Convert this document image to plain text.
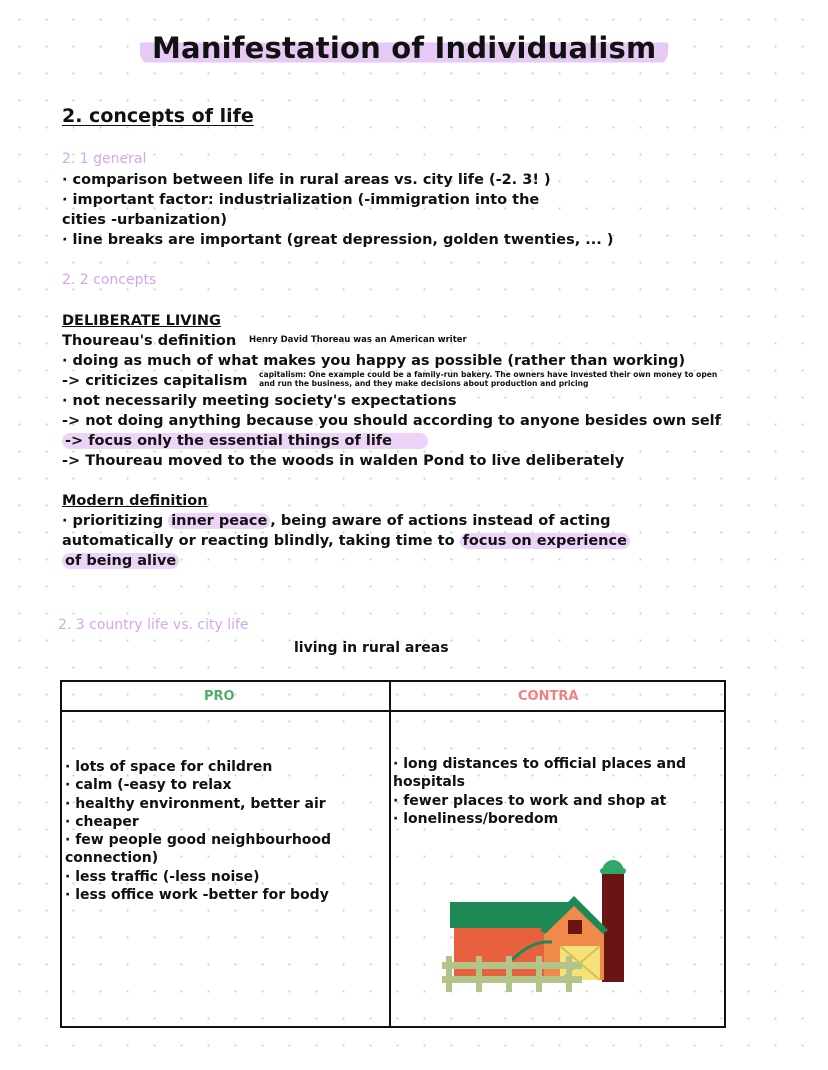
Manifestation of Individualism
2. concepts of life
2. 1 general
· comparison between life in rural areas vs. city life (-2. 3! )
· important factor: industrialization (-immigration into the
cities -urbanization)
· line breaks are important (great depression, golden twenties, ... )
2. 2 concepts
DELIBERATE LIVING
Thoureau's definition Henry David Thoreau was an American writer
· doing as much of what makes you happy as possible (rather than working)
-> criticizes capitalism capitalism: One example could be a family-run bakery. The owners have invested their own money to open
and run the business, and they make decisions about production and pricing
· not necessarily meeting society's expectations
-> not doing anything because you should according to anyone besides own self
-> focus only the essential things of life
-> Thoureau moved to the woods in walden Pond to live deliberately
Modern definition
· prioritizing inner peace , being aware of actions instead of acting
automatically or reacting blindly, taking time to focus on experience
of being alive
2. 3 country life vs. city life
living in rural areas
PRO	CONTRA
· lots of space for children
· calm (-easy to relax
· healthy environment, better air
· cheaper
· few people good neighbourhood connection)
· less traffic (-less noise)
· less office work -better for body
· long distances to official places and hospitals
· fewer places to work and shop at
· loneliness/boredom
